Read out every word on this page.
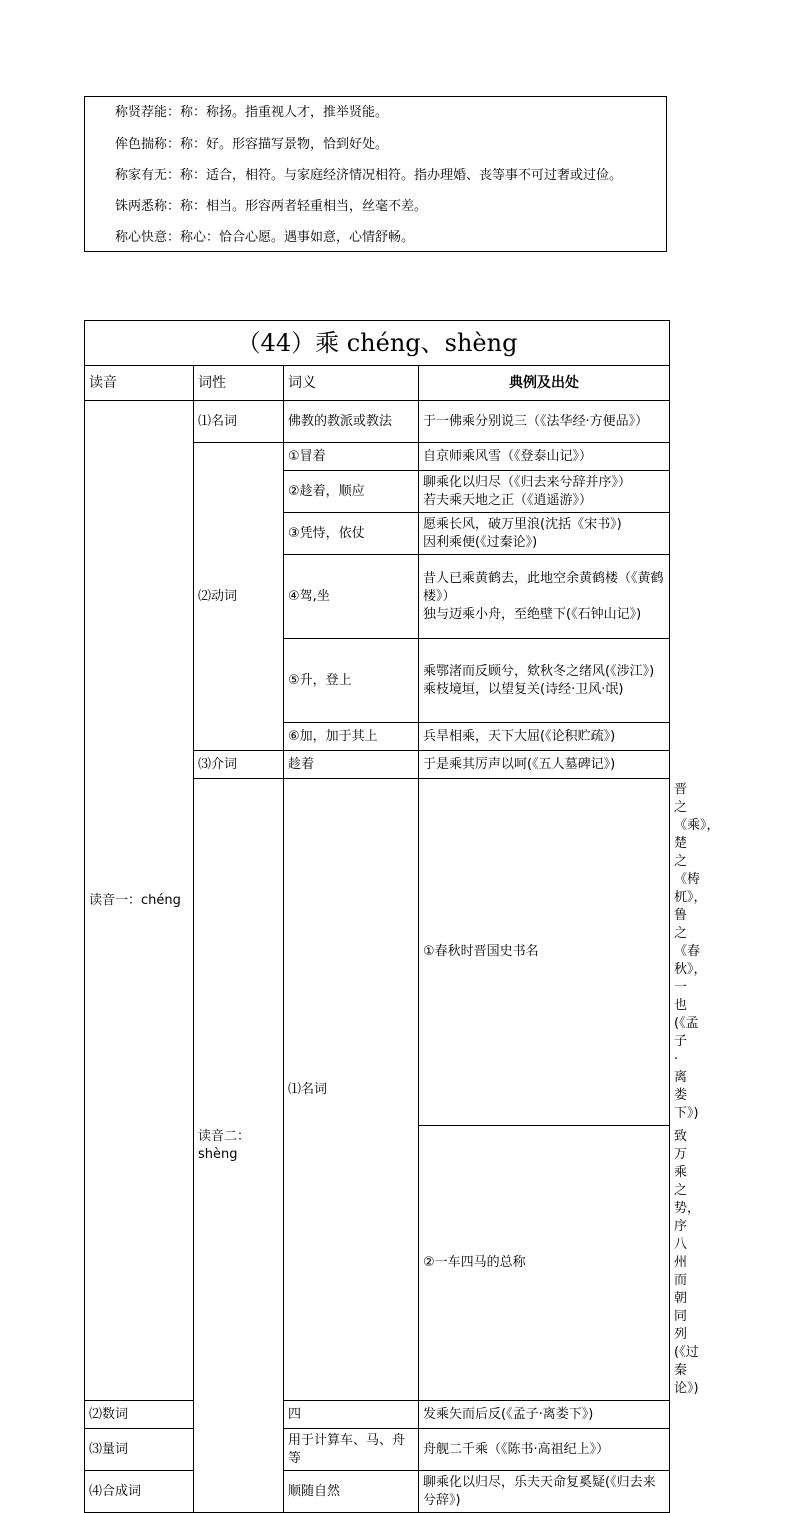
称贤荐能：称：称扬。指重视人才，推举贤能。
侔色揣称：称：好。形容描写景物，恰到好处。
称家有无：称：适合，相符。与家庭经济情况相符。指办理婚、丧等事不可过奢或过俭。
铢两悉称：称：相当。形容两者轻重相当，丝毫不差。
称心快意：称心：恰合心愿。遇事如意，心情舒畅。
（44）乘 chéng、shèng				
读音	词性	词义	典例及出处	
读音一：chéng	⑴名词	佛教的教派或教法	于一佛乘分别说三（《法华经·方便品》）	
	⑵动词	①冒着	自京师乘风雪（《登泰山记》）	
		②趁着，顺应	聊乘化以归尽（《归去来兮辞并序》）
若夫乘天地之正（《逍遥游》）	

		③凭恃，依仗	愿乘长风，破万里浪(沈括《宋书》)
因利乘便(《过秦论》)	

		④驾,坐	昔人已乘黄鹤去，此地空余黄鹤楼（《黄鹤楼》）
独与迈乘小舟，至绝壁下(《石钟山记》)	

		⑤升，登上	乘鄂渚而反顾兮，欸秋冬之绪风(《涉江》)
乘枝境垣，以望复关(诗经·卫风·氓)	

		⑥加，加于其上	兵旱相乘，天下大屈(《论积贮疏》)	
	⑶介词	趁着	于是乘其厉声以呵(《五人墓碑记》)	
	读音二：shèng	⑴名词	①春秋时晋国史书名	晋之《乘》，楚之《梼杌》，鲁之《春秋》，一也(《孟子·离娄下》)
			②一车四马的总称	致万乘之势，序八州而朝同列(《过秦论》)
⑵数词		四	发乘矢而后反(《孟子·离娄下》)	
⑶量词		用于计算车、马、舟等	舟舰二千乘（《陈书·高祖纪上》）	
⑷合成词		顺随自然	聊乘化以归尽，乐夫天命复奚疑(《归去来兮辞》)	
